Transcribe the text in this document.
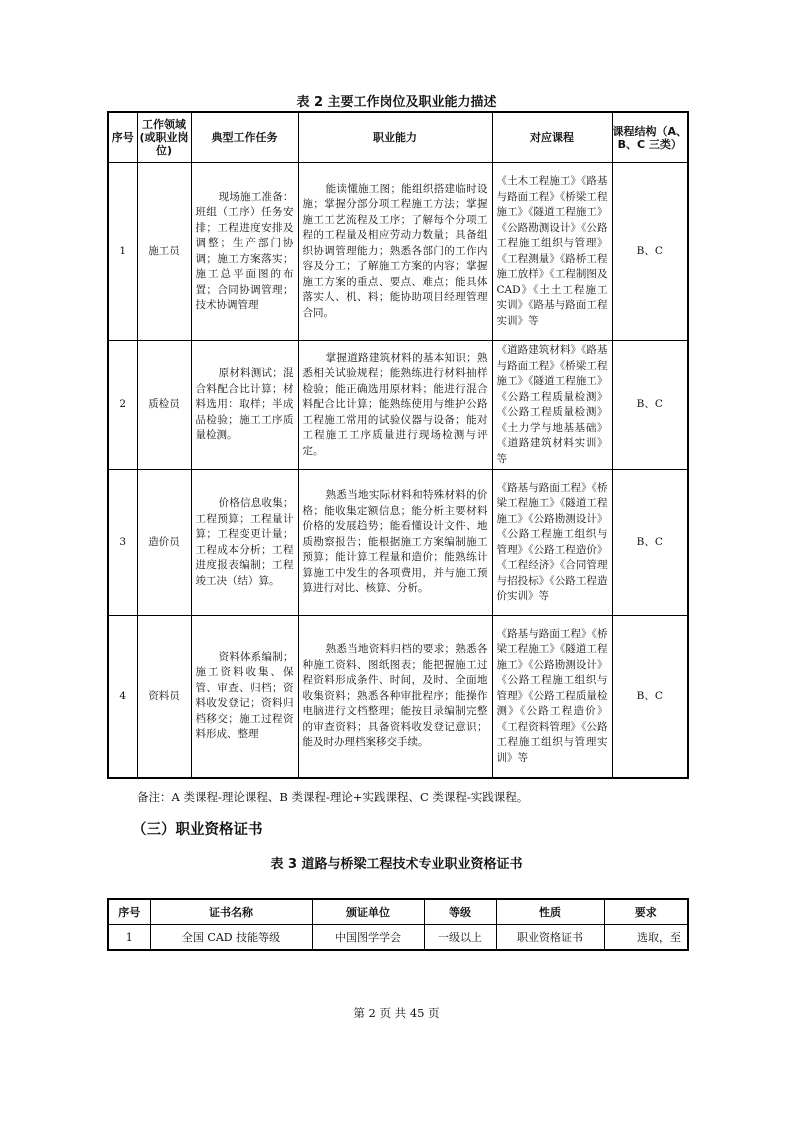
表 2 主要工作岗位及职业能力描述
序号	工作领域(或职业岗位)	典型工作任务	职业能力	对应课程	课程结构（A、B、C 三类）
1	施工员	现场施工准备：班组（工序）任务安排；工程进度安排及调整；生产部门协调；施工方案落实；施工总平面图的布置；合同协调管理；技术协调管理	能读懂施工图；能组织搭建临时设施；掌握分部分项工程施工方法；掌握施工工艺流程及工序；了解每个分项工程的工程量及相应劳动力数量；具备组织协调管理能力；熟悉各部门的工作内容及分工；了解施工方案的内容；掌握施工方案的重点、要点、难点；能具体落实人、机、料；能协助项目经理管理合同。	《土木工程施工》《路基与路面工程》《桥梁工程施工》《隧道工程施工》《公路勘测设计》《公路工程施工组织与管理》《工程测量》《路桥工程施工放样》《工程制图及 CAD》《土土工程施工实训》《路基与路面工程实训》等	B、C
2	质检员	原材料测试；混合料配合比计算；材料选用：取样；半成品检验；施工工序质量检测。	掌握道路建筑材料的基本知识；熟悉相关试验规程；能熟练进行材料抽样检验；能正确选用原材料；能进行混合料配合比计算；能熟练使用与维护公路工程施工常用的试验仪器与设备；能对工程施工工序质量进行现场检测与评定。	《道路建筑材料》《路基与路面工程》《桥梁工程施工》《隧道工程施工》《公路工程质量检测》《公路工程质量检测》《土力学与地基基础》《道路建筑材料实训》等	B、C
3	造价员	价格信息收集；工程预算；工程量计算；工程变更计量；工程成本分析；工程进度报表编制；工程竣工决（结）算。	熟悉当地实际材料和特殊材料的价格；能收集定额信息；能分析主要材料价格的发展趋势；能看懂设计文件、地质勘察报告；能根据施工方案编制施工预算；能计算工程量和造价；能熟练计算施工中发生的各项费用，并与施工预算进行对比、核算、分析。	《路基与路面工程》《桥梁工程施工》《隧道工程施工》《公路勘测设计》《公路工程施工组织与管理》《公路工程造价》《工程经济》《合同管理与招投标》《公路工程造价实训》等	B、C
4	资料员	资料体系编制；施工资料收集、保管、审查、归档；资料收发登记；资料归档移交；施工过程资料形成、整理	熟悉当地资料归档的要求；熟悉各种施工资料、图纸图表；能把握施工过程资料形成条件、时间，及时、全面地收集资料；熟悉各种审批程序；能操作电脑进行文档整理；能按目录编制完整的审查资料；具备资料收发登记意识；能及时办理档案移交手续。	《路基与路面工程》《桥梁工程施工》《隧道工程施工》《公路勘测设计》《公路工程施工组织与管理》《公路工程质量检测》《公路工程造价》《工程资料管理》《公路工程施工组织与管理实训》等	B、C
备注：A 类课程-理论课程、B 类课程-理论+实践课程、C 类课程-实践课程。
（三）职业资格证书
表 3 道路与桥梁工程技术专业职业资格证书
序号	证书名称	颁证单位	等级	性质	要求
1	全国 CAD 技能等级	中国图学学会	一级以上	职业资格证书	选取，至
第 2 页 共 45 页
